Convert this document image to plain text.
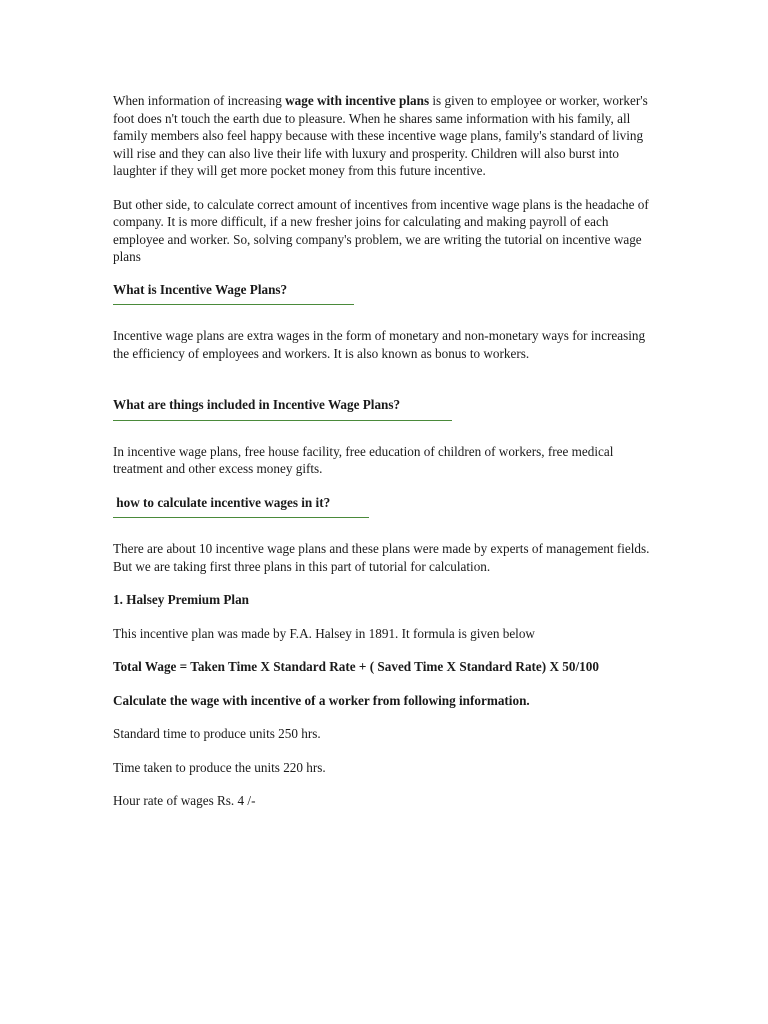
When information of increasing wage with incentive plans is given to employee or worker, worker's foot does n't touch the earth due to pleasure. When he shares same information with his family, all family members also feel happy because with these incentive wage plans, family's standard of living will rise and they can also live their life with luxury and prosperity. Children will also burst into laughter if they will get more pocket money from this future incentive.

But other side, to calculate correct amount of incentives from incentive wage plans is the headache of company. It is more difficult, if a new fresher joins for calculating and making payroll of each employee and worker. So, solving company's problem, we are writing the tutorial on incentive wage plans

What is Incentive Wage Plans?

Incentive wage plans are extra wages in the form of monetary and non-monetary ways for increasing the efficiency of employees and workers. It is also known as bonus to workers.

What are things included in Incentive Wage Plans?

In incentive wage plans, free house facility, free education of children of workers, free medical treatment and other excess money gifts.

how to calculate incentive wages in it?

There are about 10 incentive wage plans and these plans were made by experts of management fields. But we are taking first three plans in this part of tutorial for calculation.

1. Halsey Premium Plan

This incentive plan was made by F.A. Halsey in 1891. It formula is given below

Total Wage = Taken Time X Standard Rate + ( Saved Time X Standard Rate) X 50/100

Calculate the wage with incentive of a worker from following information.

Standard time to produce units 250 hrs.

Time taken to produce the units 220 hrs.

Hour rate of wages Rs. 4 /-
